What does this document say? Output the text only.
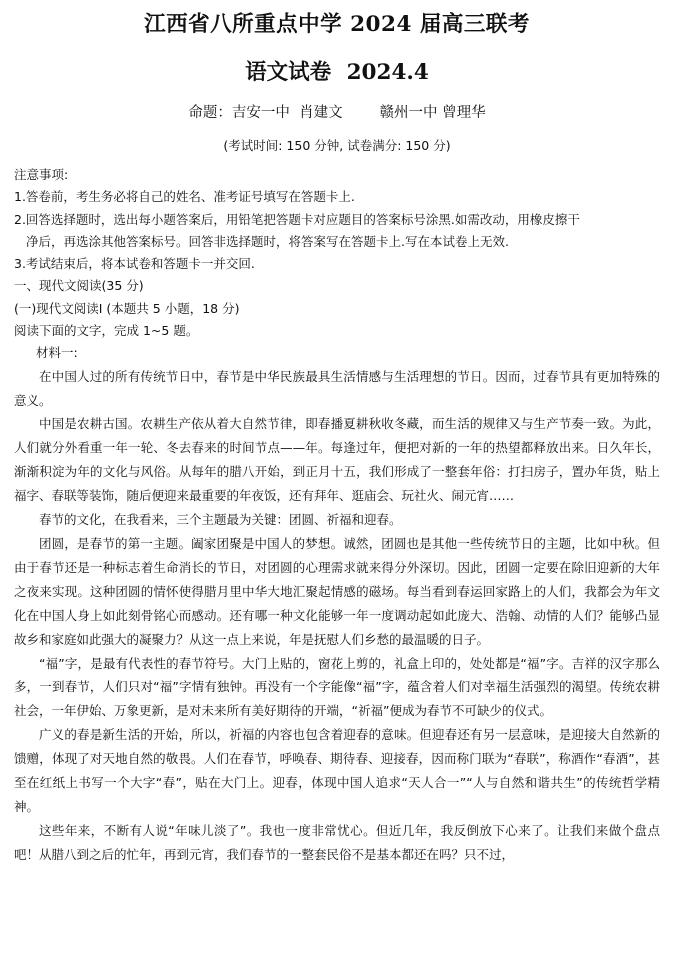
江西省八所重点中学 2024 届高三联考
语文试卷 2024.4

命题：吉安一中  肖建文        赣州一中 曾理华

(考试时间: 150 分钟, 试卷满分: 150 分)

注意事项:

1.答卷前，考生务必将自己的姓名、准考证号填写在答题卡上.

2.回答选择题时，选出每小题答案后，用铅笔把答题卡对应题目的答案标号涂黑.如需改动，用橡皮擦干

净后，再选涂其他答案标号。回答非选择题时，将答案写在答题卡上.写在本试卷上无效.

3.考试结束后，将本试卷和答题卡一并交回.

一、现代文阅读(35 分)

(一)现代文阅读Ⅰ (本题共 5 小题，18 分)

阅读下面的文字，完成 1~5 题。

材料一:

在中国人过的所有传统节日中，春节是中华民族最具生活情感与生活理想的节日。因而，过春节具有更加特殊的意义。

中国是农耕古国。农耕生产依从着大自然节律，即春播夏耕秋收冬藏，而生活的规律又与生产节奏一致。为此，人们就分外看重一年一轮、冬去春来的时间节点——年。每逢过年，便把对新的一年的热望都释放出来。日久年长，渐渐积淀为年的文化与风俗。从每年的腊八开始，到正月十五，我们形成了一整套年俗：打扫房子，置办年货，贴上福字、春联等装饰，随后便迎来最重要的年夜饭，还有拜年、逛庙会、玩社火、闹元宵……

春节的文化，在我看来，三个主题最为关键：团圆、祈福和迎春。

团圆，是春节的第一主题。阖家团聚是中国人的梦想。诚然，团圆也是其他一些传统节日的主题，比如中秋。但由于春节还是一种标志着生命消长的节日，对团圆的心理需求就来得分外深切。因此，团圆一定要在除旧迎新的大年之夜来实现。这种团圆的情怀使得腊月里中华大地汇聚起情感的磁场。每当看到春运回家路上的人们，我都会为年文化在中国人身上如此刻骨铭心而感动。还有哪一种文化能够一年一度调动起如此庞大、浩翰、动情的人们？能够凸显故乡和家庭如此强大的凝聚力？从这一点上来说，年是抚慰人们乡愁的最温暖的日子。

“福”字，是最有代表性的春节符号。大门上贴的，窗花上剪的，礼盒上印的，处处都是“福”字。吉祥的汉字那么多，一到春节，人们只对“福”字情有独钟。再没有一个字能像“福”字，蕴含着人们对幸福生活强烈的渴望。传统农耕社会，一年伊始、万象更新，是对未来所有美好期待的开端，“祈福”便成为春节不可缺少的仪式。

广义的春是新生活的开始，所以，祈福的内容也包含着迎春的意味。但迎春还有另一层意味，是迎接大自然新的馈赠，体现了对天地自然的敬畏。人们在春节，呼唤春、期待春、迎接春，因而称门联为“春联”，称酒作“春酒”，甚至在红纸上书写一个大字“春”，贴在大门上。迎春，体现中国人追求“天人合一”“人与自然和谐共生”的传统哲学精神。

这些年来，不断有人说“年味儿淡了”。我也一度非常忧心。但近几年，我反倒放下心来了。让我们来做个盘点吧！从腊八到之后的忙年，再到元宵，我们春节的一整套民俗不是基本都还在吗？只不过，
